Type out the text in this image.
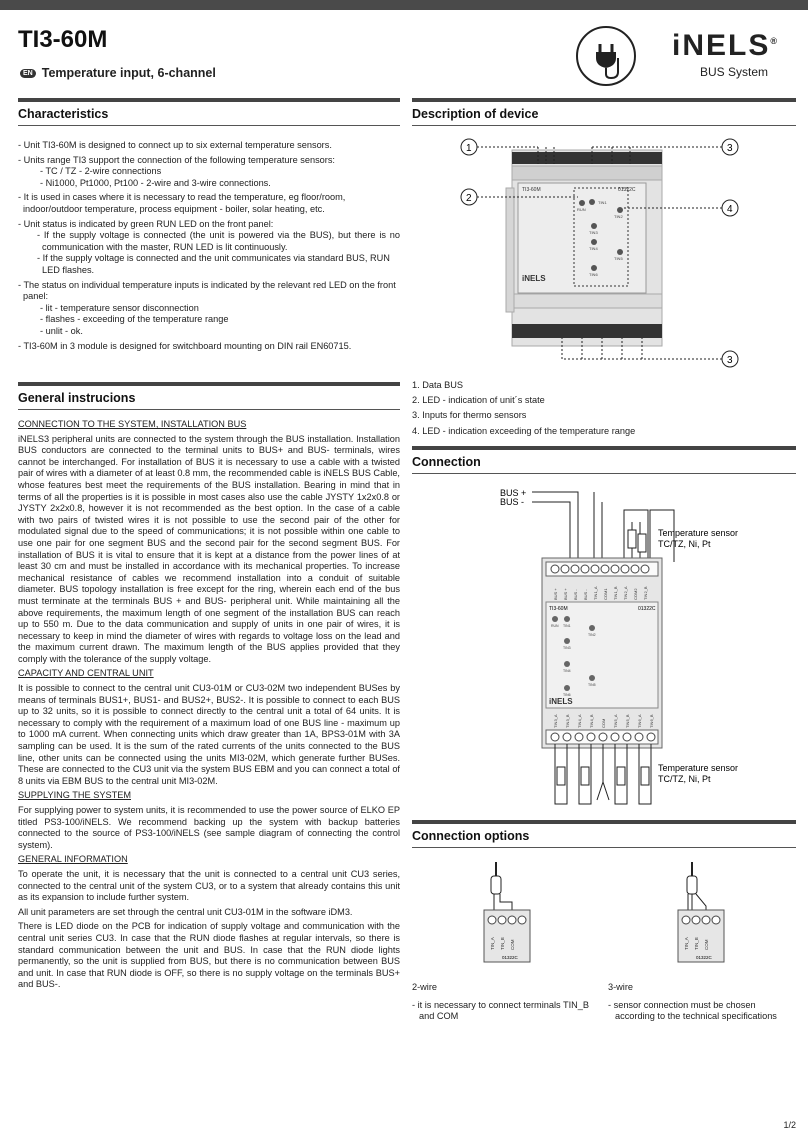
TI3-60M
EN Temperature input, 6-channel
iNELS®
BUS System
Characteristics

- Unit TI3-60M is designed to connect up to six external temperature sensors.

- Units range TI3 support the connection of the following temperature sensors:

- TC / TZ - 2-wire connections

- Ni1000, Pt1000, Pt100 - 2-wire and 3-wire connections.

- It is used in cases where it is necessary to read the temperature, eg floor/room, indoor/outdoor temperature, process equipment - boiler, solar heating, etc.

- Unit status is indicated by green RUN LED on the front panel:

- If the supply voltage is connected (the unit is powered via the BUS), but there is no communication with the master, RUN LED is lit continuously.

- If the supply voltage is connected and the unit communicates via standard BUS, RUN LED flashes.

- The status on individual temperature inputs is indicated by the relevant red LED on the front panel:

- lit - temperature sensor disconnection
- flashes - exceeding of the temperature range

- unlit - ok.

- TI3-60M in 3 module is designed for switchboard mounting on DIN rail EN60715.

General instrucions
CONNECTION TO THE SYSTEM, INSTALLATION BUS

iNELS3 peripheral units are connected to the system through the BUS installation. Installation BUS conductors are connected to the terminal units to BUS+ and BUS- terminals, wires cannot be interchanged. For installation of BUS it is necessary to use a cable with a twisted pair of wires with a diameter of at least 0.8 mm, the recommended cable is iNELS BUS Cable, whose features best meet the requirements of the BUS installation. Bearing in mind that in terms of all the properties is it is possible in most cases also use the cable JYSTY 1x2x0.8 or JYSTY 2x2x0.8, however it is not recommended as the best option. In the case of a cable with two pairs of twisted wires it is not possible to use the second pair of the other for modulated signal due to the speed of communications; it is not possible within one cable to use one pair for one segment BUS and the second pair for the second segment BUS. For installation of BUS it is vital to ensure that it is kept at a distance from the power lines of at least 30 cm and must be installed in accordance with its mechanical properties. To increase mechanical resistance of cables we recommend installation into a conduit of suitable diameter. BUS topology installation is free except for the ring, wherein each end of the bus must terminate at the terminals BUS + and BUS- peripheral unit. While maintaining all the above requirements, the maximum length of one segment of the installation BUS can reach up to 550 m. Due to the data communication and supply of units in one pair of wires, it is necessary to keep in mind the diameter of wires with regards to voltage loss on the lead and the maximum current drawn. The maximum length of the BUS applies provided that they comply with the tolerance of the supply voltage.

CAPACITY AND CENTRAL UNIT

It is possible to connect to the central unit CU3-01M or CU3-02M two independent BUSes by means of terminals BUS1+, BUS1- and BUS2+, BUS2-. It is possible to connect to each BUS up to 32 units, so it is possible to connect directly to the central unit a total of 64 units. It is necessary to comply with the requirement of a maximum load of one BUS line - maximum up to 1000 mA current. When connecting units which draw greater than 1A, BPS3-01M with 3A sampling can be used. It is the sum of the rated currents of the units connected to the BUS line, other units can be connected using the units MI3-02M, which generate further BUSes. These are connected to the CU3 unit via the system BUS EBM and you can connect a total of 8 units via EBM BUS to the central unit MI3-02M.

SUPPLYING THE SYSTEM

For supplying power to system units, it is recommended to use the power source of ELKO EP titled PS3-100/iNELS. We recommend backing up the system with backup batteries connected to the source of PS3-100/iNELS (see sample diagram of connecting the control system).

GENERAL INFORMATION

To operate the unit, it is necessary that the unit is connected to a central unit CU3 series, connected to the central unit of the system CU3, or to a system that already contains this unit as its expansion to include further system.

All unit parameters are set through the central unit CU3-01M in the software iDM3.

There is LED diode on the PCB for indication of supply voltage and communication with the central unit series CU3. In case that the RUN diode flashes at regular intervals, so there is standard communication between the unit and BUS. In case that the RUN diode lights permanently, so the unit is supplied from BUS, but there is no communication between BUS and unit. In case that RUN diode is OFF, so there is no supply voltage on the terminals BUS+ and BUS-.

Description of device
TI3-60M	01322C
RUN
TIN1
TIN2
TIN3
TIN4
TIN5
TIN6
iNELS
1
2
3
4
3
1. Data BUS
2. LED - indication of unit´s state
3. Inputs for thermo sensors
4. LED - indication exceeding of the temperature range
Connection
BUS +
BUS -
Temperature sensor
TC/TZ, Ni, Pt
BUS + BUS + BUS - BUS - TIN1_A COM1 TIN1_B TIN2_A COM2 TIN2_B
TI3-60M	01322C
RUN TIN1
TIN2
TIN3
TIN4
TIN5
TIN6
iNELS
TIN3_A TIN3_B TIN4_A TIN4_B COM TIN5_A TIN5_B TIN6_A TIN6_B
Temperature sensor
TC/TZ, Ni, Pt
Connection options
TIN_A TIN_B COM
01322C
TIN_A TIN_B COM
01322C
2-wire
- it is necessary to connect terminals TIN_B and COM
3-wire
- sensor connection must be chosen according to the technical specifications
1/2
